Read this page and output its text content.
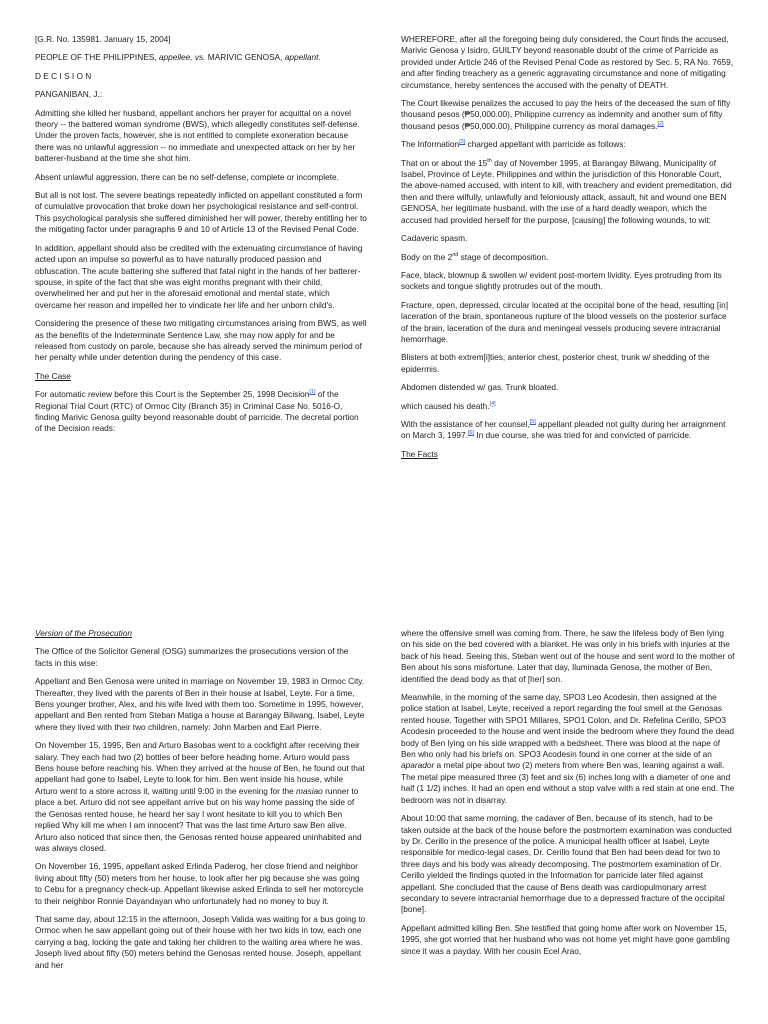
[G.R. No. 135981. January 15, 2004]

PEOPLE OF THE PHILIPPINES, appellee, vs. MARIVIC GENOSA, appellant.

D E C I S I O N

PANGANIBAN, J.:

Admitting she killed her husband, appellant anchors her prayer for acquittal on a novel theory -- the battered woman syndrome (BWS), which allegedly constitutes self-defense. Under the proven facts, however, she is not entitled to complete exoneration because there was no unlawful aggression -- no immediate and unexpected attack on her by her batterer-husband at the time she shot him.

Absent unlawful aggression, there can be no self-defense, complete or incomplete.

But all is not lost. The severe beatings repeatedly inflicted on appellant constituted a form of cumulative provocation that broke down her psychological resistance and self-control. This psychological paralysis she suffered diminished her will power, thereby entitling her to the mitigating factor under paragraphs 9 and 10 of Article 13 of the Revised Penal Code.

In addition, appellant should also be credited with the extenuating circumstance of having acted upon an impulse so powerful as to have naturally produced passion and obfuscation. The acute battering she suffered that fatal night in the hands of her batterer-spouse, in spite of the fact that she was eight months pregnant with their child, overwhelmed her and put her in the aforesaid emotional and mental state, which overcame her reason and impelled her to vindicate her life and her unborn child's.

Considering the presence of these two mitigating circumstances arising from BWS, as well as the benefits of the Indeterminate Sentence Law, she may now apply for and be released from custody on parole, because she has already served the minimum period of her penalty while under detention during the pendency of this case.

The Case

For automatic review before this Court is the September 25, 1998 Decision[1] of the Regional Trial Court (RTC) of Ormoc City (Branch 35) in Criminal Case No. 5016-O, finding Marivic Genosa guilty beyond reasonable doubt of parricide. The decretal portion of the Decision reads:

WHEREFORE, after all the foregoing being duly considered, the Court finds the accused, Marivic Genosa y Isidro, GUILTY beyond reasonable doubt of the crime of Parricide as provided under Article 246 of the Revised Penal Code as restored by Sec. 5, RA No. 7659, and after finding treachery as a generic aggravating circumstance and none of mitigating circumstance, hereby sentences the accused with the penalty of DEATH.

The Court likewise penalizes the accused to pay the heirs of the deceased the sum of fifty thousand pesos (₱50,000.00), Philippine currency as indemnity and another sum of fifty thousand pesos (₱50,000.00), Philippine currency as moral damages.[2]

The Information[3] charged appellant with parricide as follows:

That on or about the 15th day of November 1995, at Barangay Bilwang, Municipality of Isabel, Province of Leyte, Philippines and within the jurisdiction of this Honorable Court, the above-named accused, with intent to kill, with treachery and evident premeditation, did then and there wilfully, unlawfully and feloniously attack, assault, hit and wound one BEN GENOSA, her legitimate husband, with the use of a hard deadly weapon, which the accused had provided herself for the purpose, [causing] the following wounds, to wit:

Cadaveric spasm.

Body on the 2nd stage of decomposition.

Face, black, blownup & swollen w/ evident post-mortem lividity. Eyes protruding from its sockets and tongue slightly protrudes out of the mouth.

Fracture, open, depressed, circular located at the occipital bone of the head, resulting [in] laceration of the brain, spontaneous rupture of the blood vessels on the posterior surface of the brain, laceration of the dura and meningeal vessels producing severe intracranial hemorrhage.

Blisters at both extrem[i]ties, anterior chest, posterior chest, trunk w/ shedding of the epidermis.

Abdomen distended w/ gas. Trunk bloated.

which caused his death.[4]

With the assistance of her counsel,[5] appellant pleaded not guilty during her arraignment on March 3, 1997.[6] In due course, she was tried for and convicted of parricide.

The Facts

Version of the Prosecution

The Office of the Solicitor General (OSG) summarizes the prosecutions version of the facts in this wise:

Appellant and Ben Genosa were united in marriage on November 19, 1983 in Ormoc City. Thereafter, they lived with the parents of Ben in their house at Isabel, Leyte. For a time, Bens younger brother, Alex, and his wife lived with them too. Sometime in 1995, however, appellant and Ben rented from Steban Matiga a house at Barangay Bilwang, Isabel, Leyte where they lived with their two children, namely: John Marben and Earl Pierre.

On November 15, 1995, Ben and Arturo Basobas went to a cockfight after receiving their salary. They each had two (2) bottles of beer before heading home. Arturo would pass Bens house before reaching his. When they arrived at the house of Ben, he found out that appellant had gone to Isabel, Leyte to look for him. Ben went inside his house, while Arturo went to a store across it, waiting until 9:00 in the evening for the masiao runner to place a bet. Arturo did not see appellant arrive but on his way home passing the side of the Genosas rented house, he heard her say I wont hesitate to kill you to which Ben replied Why kill me when I am innocent? That was the last time Arturo saw Ben alive. Arturo also noticed that since then, the Genosas rented house appeared uninhabited and was always closed.

On November 16, 1995, appellant asked Erlinda Paderog, her close friend and neighbor living about fifty (50) meters from her house, to look after her pig because she was going to Cebu for a pregnancy check-up. Appellant likewise asked Erlinda to sell her motorcycle to their neighbor Ronnie Dayandayan who unfortunately had no money to buy it.

That same day, about 12:15 in the afternoon, Joseph Valida was waiting for a bus going to Ormoc when he saw appellant going out of their house with her two kids in tow, each one carrying a bag, locking the gate and taking her children to the waiting area where he was. Joseph lived about fifty (50) meters behind the Genosas rented house. Joseph, appellant and her

where the offensive smell was coming from. There, he saw the lifeless body of Ben lying on his side on the bed covered with a blanket. He was only in his briefs with injuries at the back of his head. Seeing this, Steban went out of the house and sent word to the mother of Ben about his sons misfortune. Later that day, Iluminada Genosa, the mother of Ben, identified the dead body as that of [her] son.

Meanwhile, in the morning of the same day, SPO3 Leo Acodesin, then assigned at the police station at Isabel, Leyte, received a report regarding the foul smell at the Genosas rented house. Together with SPO1 Millares, SPO1 Colon, and Dr. Refelina Cerillo, SPO3 Acodesin proceeded to the house and went inside the bedroom where they found the dead body of Ben lying on his side wrapped with a bedsheet. There was blood at the nape of Ben who only had his briefs on. SPO3 Acodesin found in one corner at the side of an aparador a metal pipe about two (2) meters from where Ben was, leaning against a wall. The metal pipe measured three (3) feet and six (6) inches long with a diameter of one and half (1 1/2) inches. It had an open end without a stop valve with a red stain at one end. The bedroom was not in disarray.

About 10:00 that same morning, the cadaver of Ben, because of its stench, had to be taken outside at the back of the house before the postmortem examination was conducted by Dr. Cerillo in the presence of the police. A municipal health officer at Isabel, Leyte responsible for medico-legal cases, Dr. Cerillo found that Ben had been dead for two to three days and his body was already decomposing. The postmortem examination of Dr. Cerillo yielded the findings quoted in the Information for parricide later filed against appellant. She concluded that the cause of Bens death was cardiopulmonary arrest secondary to severe intracranial hemorrhage due to a depressed fracture of the occipital [bone].

Appellant admitted killing Ben. She testified that going home after work on November 15, 1995, she got worried that her husband who was not home yet might have gone gambling since it was a payday. With her cousin Ecel Arao,
